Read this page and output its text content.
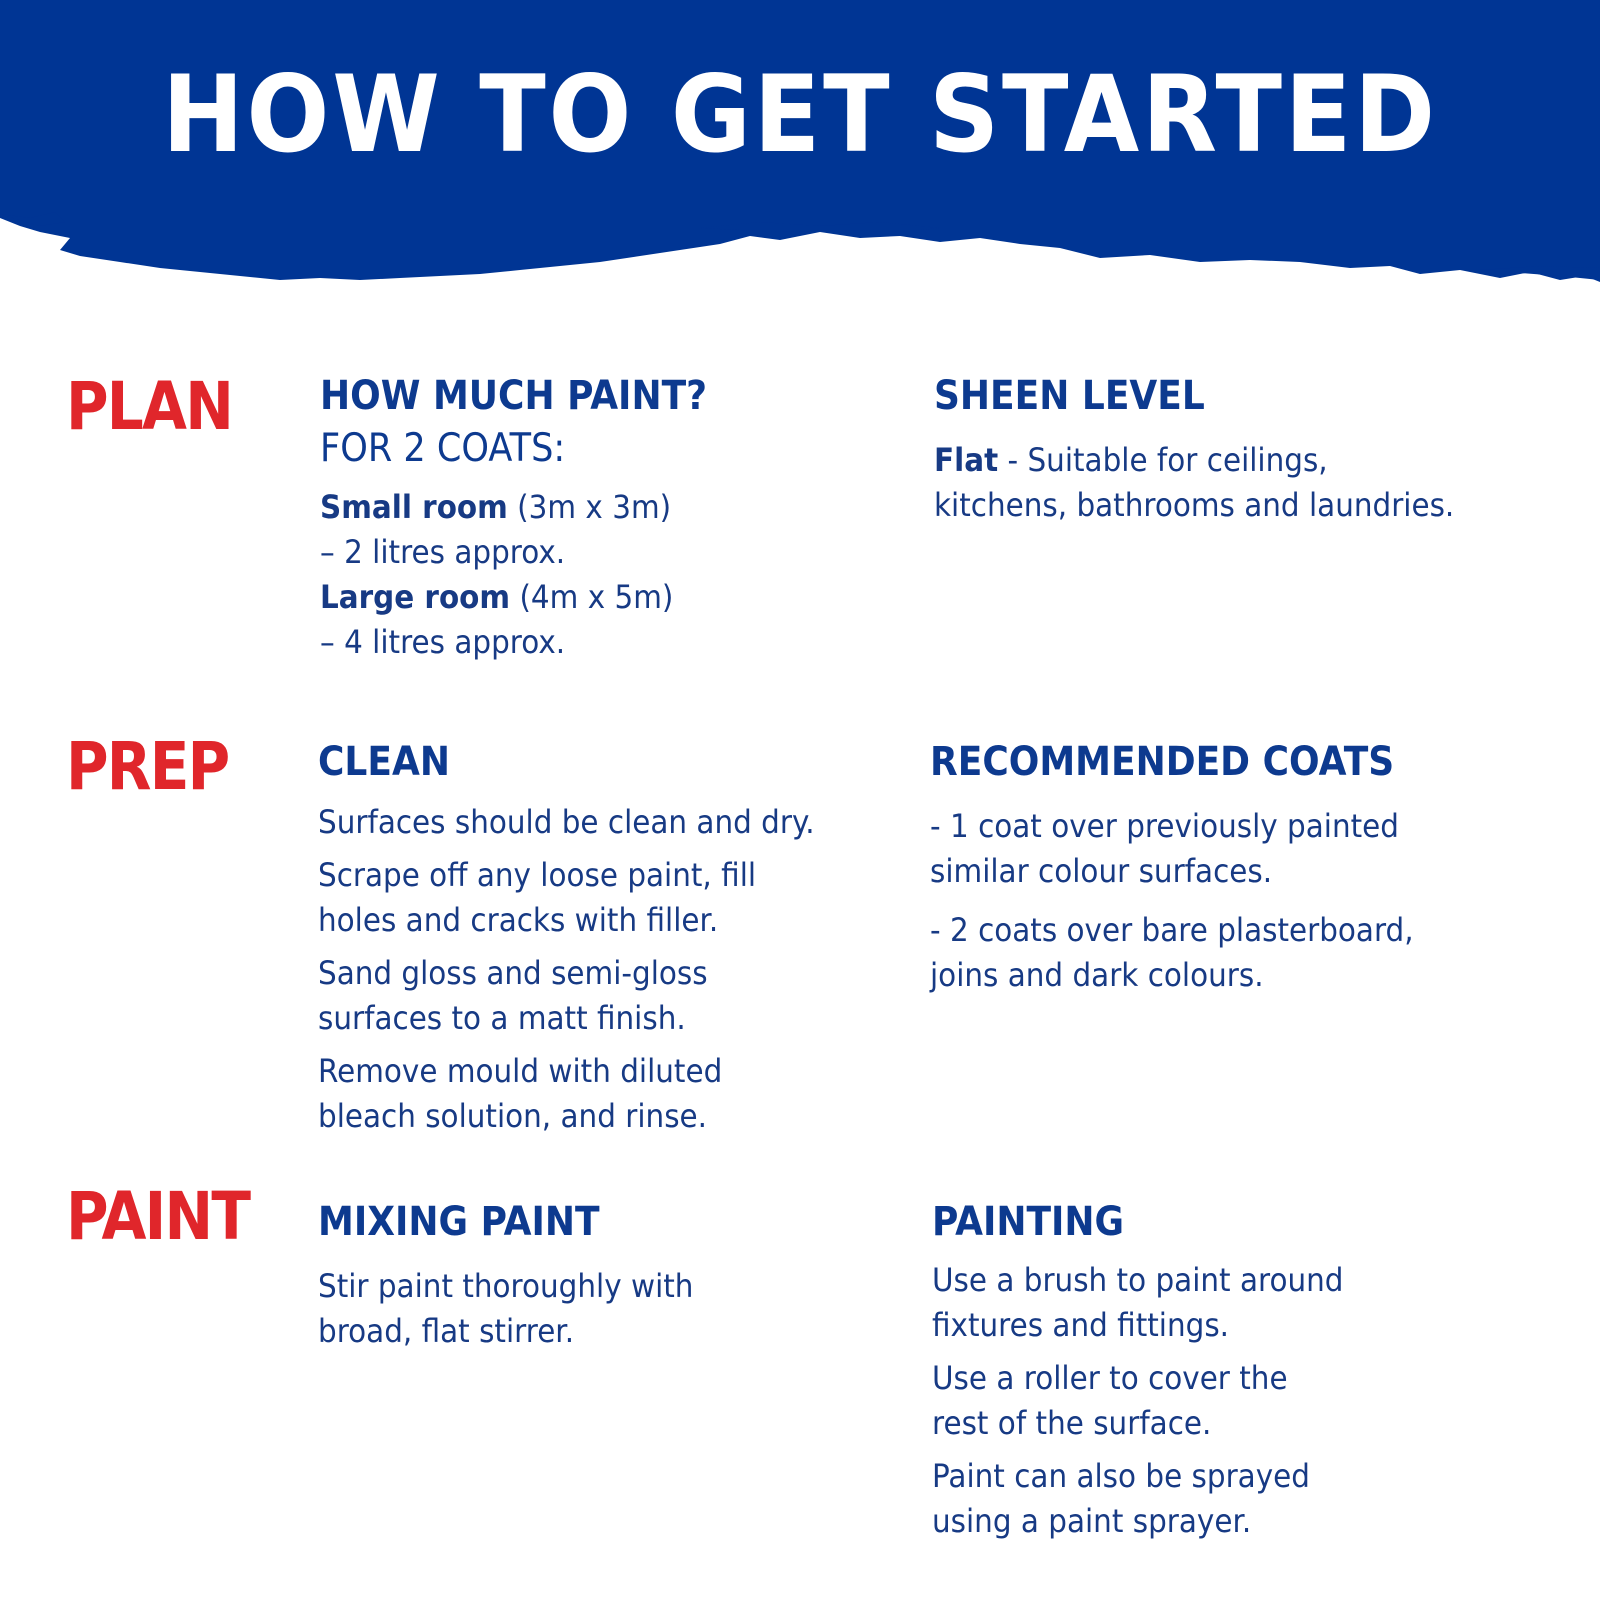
HOW TO GET STARTED
PLAN
PREP
PAINT
HOW MUCH PAINT?
FOR 2 COATS:

Small room (3m x 3m)

– 2 litres approx.

Large room (4m x 5m)

– 4 litres approx.

SHEEN LEVEL

Flat - Suitable for ceilings,

kitchens, bathrooms and laundries.

CLEAN

Surfaces should be clean and dry.

Scrape off any loose paint, fill

holes and cracks with filler.

Sand gloss and semi-gloss

surfaces to a matt finish.

Remove mould with diluted

bleach solution, and rinse.

RECOMMENDED COATS

- 1 coat over previously painted

similar colour surfaces.

- 2 coats over bare plasterboard,

joins and dark colours.

MIXING PAINT

Stir paint thoroughly with

broad, flat stirrer.

PAINTING

Use a brush to paint around

fixtures and fittings.

Use a roller to cover the

rest of the surface.

Paint can also be sprayed

using a paint sprayer.
